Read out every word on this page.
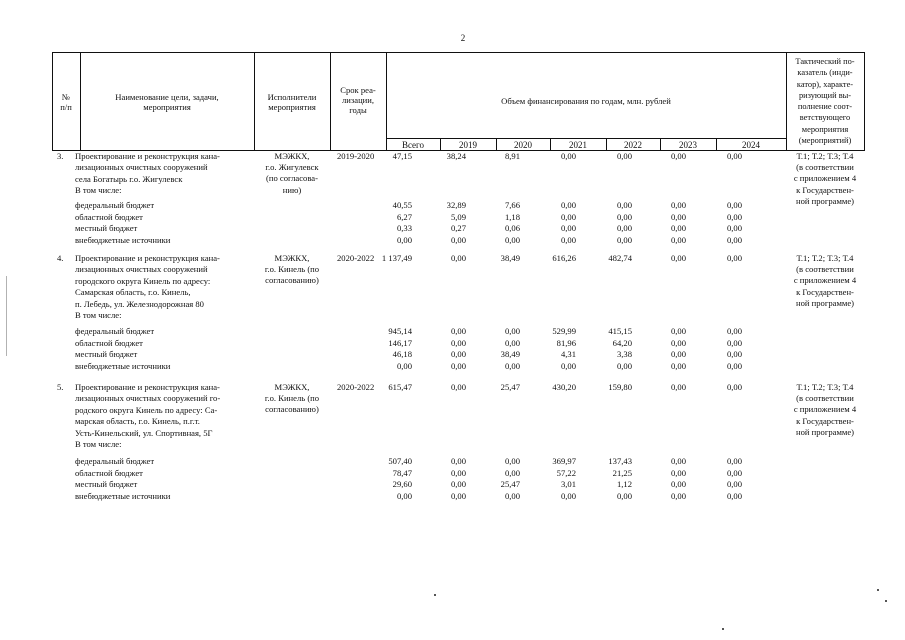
2
№
п/п
Наименование цели, задачи,
мероприятия
Исполнители
мероприятия
Срок реа-
лизации,
годы
Объем финансирования по годам, млн. рублей
Тактический по-
казатель (инди-
катор), характе-
ризующий вы-
полнение соот-
ветствующего
мероприятия
(мероприятий)
Всего	2019	2020	2021	2022	2023	2024
3. Проектирование и реконструкция кана-
лизационных очистных сооружений
села Богатырь г.о. Жигулевск
В том числе:
МЭЖКХ,
г.о. Жигулевск
(по согласова-
нию)
2019-2020	47,15	38,24	8,91	0,00	0,00	0,00	0,00	Т.1; Т.2; Т.3; Т.4
(в соответствии
с приложением 4
к Государствен-
ной программе)
федеральный бюджет	40,55	32,89	7,66	0,00	0,00	0,00	0,00
областной бюджет	6,27	5,09	1,18	0,00	0,00	0,00	0,00
местный бюджет	0,33	0,27	0,06	0,00	0,00	0,00	0,00
внебюджетные источники	0,00	0,00	0,00	0,00	0,00	0,00	0,00
4. Проектирование и реконструкция кана-
лизационных очистных сооружений
городского округа Кинель по адресу:
Самарская область, г.о. Кинель,
п. Лебедь, ул. Железнодорожная 80
В том числе:
МЭЖКХ,
г.о. Кинель (по
согласованию)
2020-2022 1 137,49	0,00	38,49	616,26	482,74	0,00	0,00	Т.1; Т.2; Т.3; Т.4
(в соответствии
с приложением 4
к Государствен-
ной программе)
федеральный бюджет	945,14	0,00	0,00	529,99	415,15	0,00	0,00
областной бюджет	146,17	0,00	0,00	81,96	64,20	0,00	0,00
местный бюджет	46,18	0,00	38,49	4,31	3,38	0,00	0,00
внебюджетные источники	0,00	0,00	0,00	0,00	0,00	0,00	0,00
5. Проектирование и реконструкция кана-
лизационных очистных сооружений го-
родского округа Кинель по адресу: Са-
марская область, г.о. Кинель, п.г.т.
Усть-Кинельский, ул. Спортивная, 5Г
В том числе:
МЭЖКХ,
г.о. Кинель (по
согласованию)
2020-2022	615,47	0,00	25,47	430,20	159,80	0,00	0,00	Т.1; Т.2; Т.3; Т.4
(в соответствии
с приложением 4
к Государствен-
ной программе)
федеральный бюджет	507,40	0,00	0,00	369,97	137,43	0,00	0,00
областной бюджет	78,47	0,00	0,00	57,22	21,25	0,00	0,00
местный бюджет	29,60	0,00	25,47	3,01	1,12	0,00	0,00
внебюджетные источники	0,00	0,00	0,00	0,00	0,00	0,00	0,00
